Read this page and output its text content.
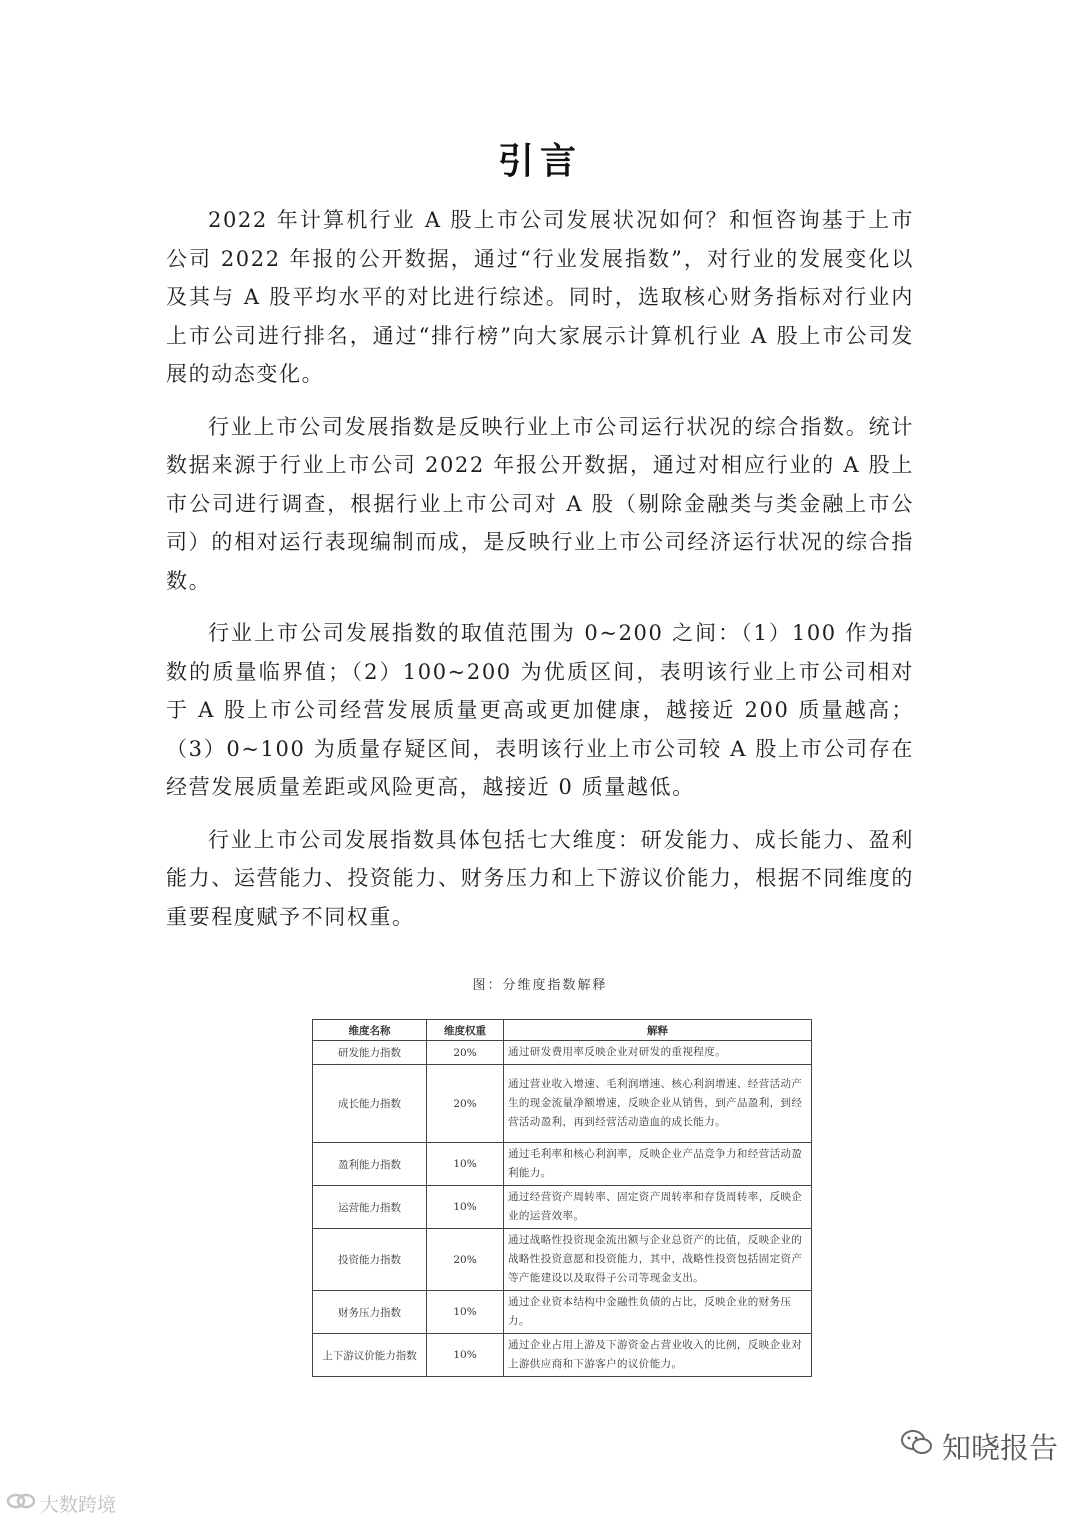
引言

2022 年计算机行业 A 股上市公司发展状况如何？和恒咨询基于上市公司 2022 年报的公开数据，通过“行业发展指数”，对行业的发展变化以及其与 A 股平均水平的对比进行综述。同时，选取核心财务指标对行业内上市公司进行排名，通过“排行榜”向大家展示计算机行业 A 股上市公司发展的动态变化。

行业上市公司发展指数是反映行业上市公司运行状况的综合指数。统计数据来源于行业上市公司 2022 年报公开数据，通过对相应行业的 A 股上市公司进行调查，根据行业上市公司对 A 股（剔除金融类与类金融上市公司）的相对运行表现编制而成，是反映行业上市公司经济运行状况的综合指数。

行业上市公司发展指数的取值范围为 0~200 之间：（1）100 作为指数的质量临界值；（2）100~200 为优质区间，表明该行业上市公司相对于 A 股上市公司经营发展质量更高或更加健康，越接近 200 质量越高；（3）0~100 为质量存疑区间，表明该行业上市公司较 A 股上市公司存在经营发展质量差距或风险更高，越接近 0 质量越低。

行业上市公司发展指数具体包括七大维度：研发能力、成长能力、盈利能力、运营能力、投资能力、财务压力和上下游议价能力，根据不同维度的重要程度赋予不同权重。

图：分维度指数解释
维度名称	维度权重	解释
研发能力指数	20%	通过研发费用率反映企业对研发的重视程度。
成长能力指数	20%	通过营业收入增速、毛利润增速、核心利润增速、经营活动产生的现金流量净额增速，反映企业从销售，到产品盈利，到经营活动盈利，再到经营活动造血的成长能力。
盈利能力指数	10%	通过毛利率和核心利润率，反映企业产品竞争力和经营活动盈利能力。
运营能力指数	10%	通过经营资产周转率、固定资产周转率和存货周转率，反映企业的运营效率。
投资能力指数	20%	通过战略性投资现金流出额与企业总资产的比值，反映企业的战略性投资意愿和投资能力，其中，战略性投资包括固定资产等产能建设以及取得子公司等现金支出。
财务压力指数	10%	通过企业资本结构中金融性负债的占比，反映企业的财务压力。
上下游议价能力指数	10%	通过企业占用上游及下游资金占营业收入的比例，反映企业对上游供应商和下游客户的议价能力。
大数跨境
知晓报告
